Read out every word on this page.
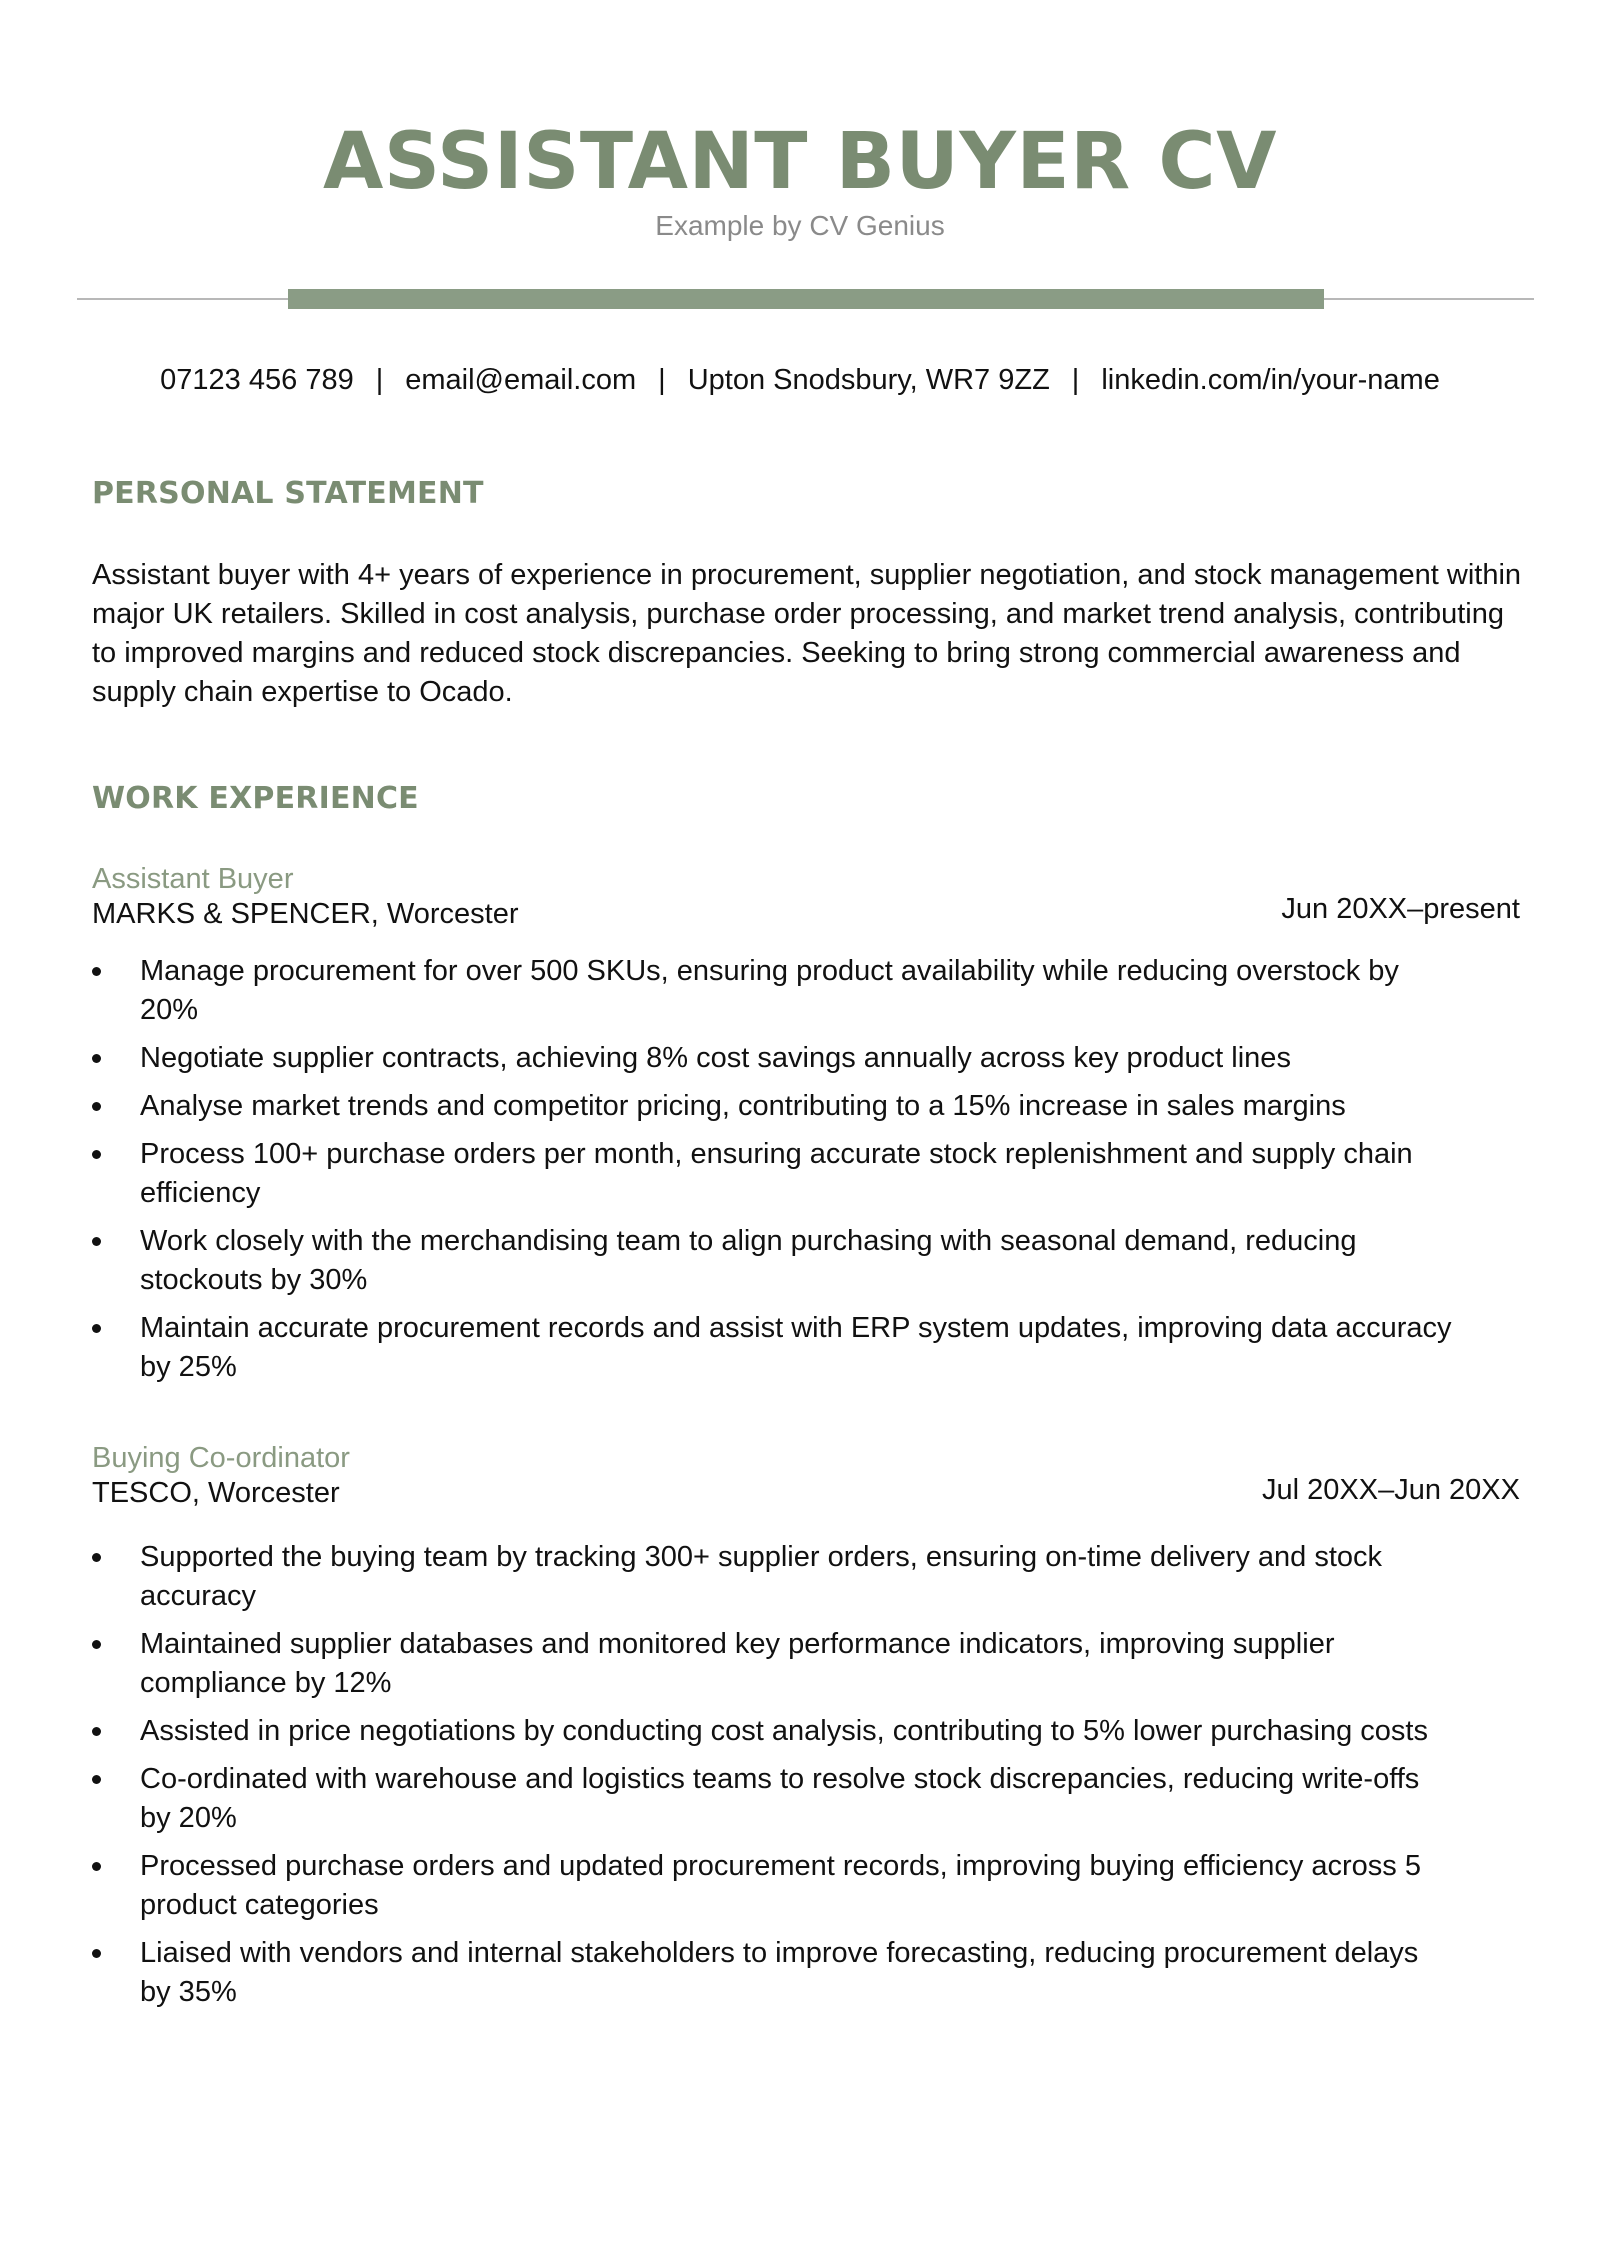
ASSISTANT BUYER CV
Example by CV Genius
07123 456 789 | email@email.com | Upton Snodsbury, WR7 9ZZ | linkedin.com/in/your-name
PERSONAL STATEMENT
Assistant buyer with 4+ years of experience in procurement, supplier negotiation, and stock management within major UK retailers. Skilled in cost analysis, purchase order processing, and market trend analysis, contributing to improved margins and reduced stock discrepancies. Seeking to bring strong commercial awareness and supply chain expertise to Ocado.
WORK EXPERIENCE
Assistant Buyer
MARKS & SPENCER, Worcester	Jun 20XX–present
Manage procurement for over 500 SKUs, ensuring product availability while reducing overstock by 20%
Negotiate supplier contracts, achieving 8% cost savings annually across key product lines
Analyse market trends and competitor pricing, contributing to a 15% increase in sales margins
Process 100+ purchase orders per month, ensuring accurate stock replenishment and supply chain efficiency
Work closely with the merchandising team to align purchasing with seasonal demand, reducing stockouts by 30%
Maintain accurate procurement records and assist with ERP system updates, improving data accuracy by 25%
Buying Co-ordinator
TESCO, Worcester	Jul 20XX–Jun 20XX
Supported the buying team by tracking 300+ supplier orders, ensuring on-time delivery and stock accuracy
Maintained supplier databases and monitored key performance indicators, improving supplier compliance by 12%
Assisted in price negotiations by conducting cost analysis, contributing to 5% lower purchasing costs
Co-ordinated with warehouse and logistics teams to resolve stock discrepancies, reducing write-offs by 20%
Processed purchase orders and updated procurement records, improving buying efficiency across 5 product categories
Liaised with vendors and internal stakeholders to improve forecasting, reducing procurement delays by 35%
